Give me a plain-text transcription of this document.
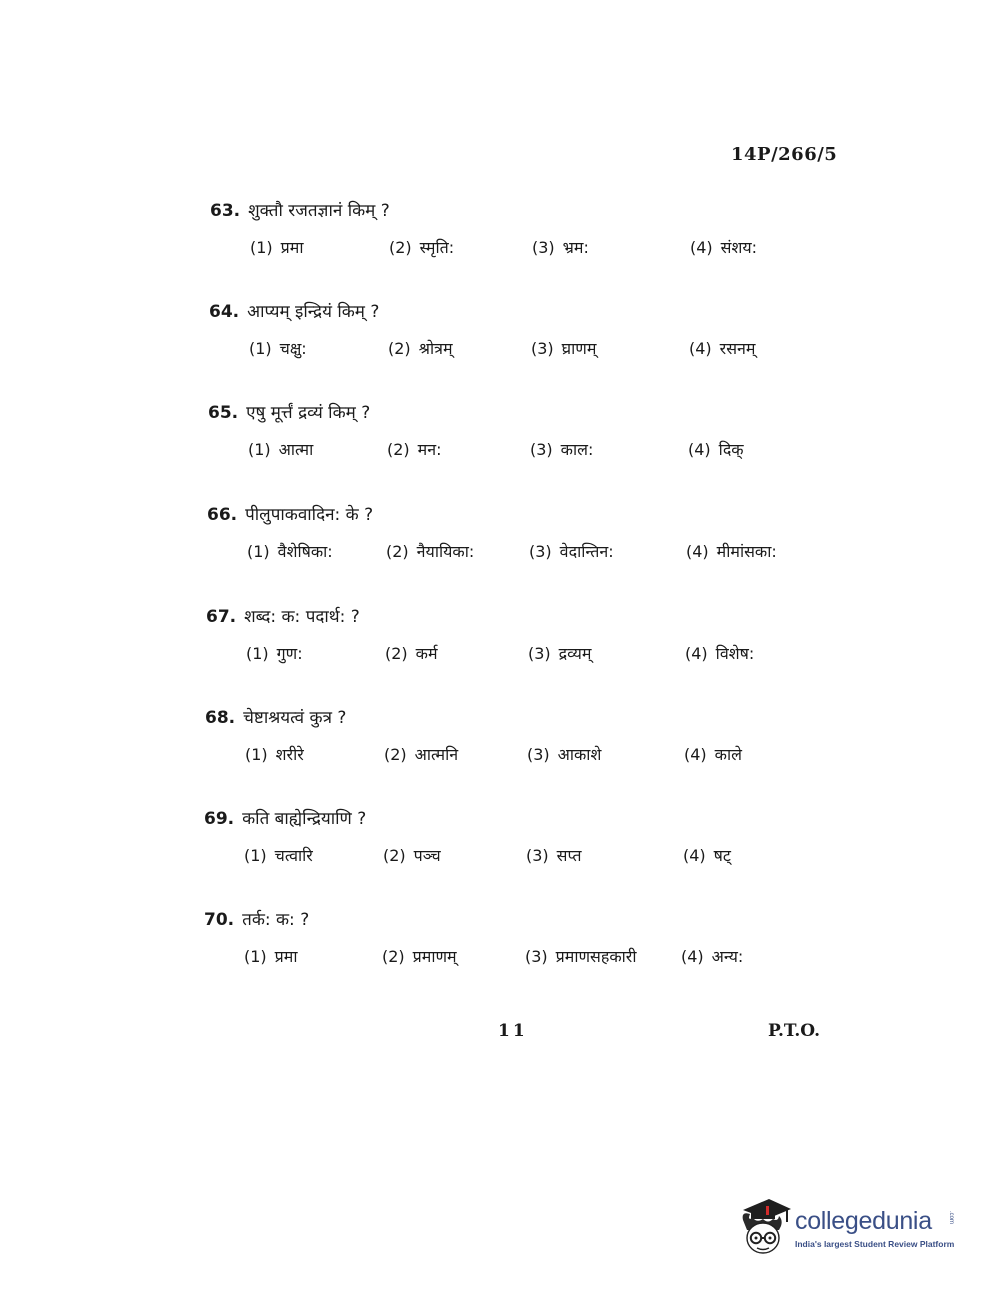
14P/266/5
63. शुक्तौ रजतज्ञानं किम् ?
(1) प्रमा	(2) स्मृति:	(3) भ्रम:	(4) संशय:
64. आप्यम् इन्द्रियं किम् ?
(1) चक्षु:	(2) श्रोत्रम्	(3) घ्राणम्	(4) रसनम्
65. एषु मूर्त्तं द्रव्यं किम् ?
(1) आत्मा	(2) मन:	(3) काल:	(4) दिक्
66. पीलुपाकवादिन: के ?
(1) वैशेषिका:	(2) नैयायिका:	(3) वेदान्तिन:	(4) मीमांसका:
67. शब्द: क: पदार्थ: ?
(1) गुण:	(2) कर्म	(3) द्रव्यम्	(4) विशेष:
68. चेष्टाश्रयत्वं कुत्र ?
(1) शरीरे	(2) आत्मनि	(3) आकाशे	(4) काले
69. कति बाह्येन्द्रियाणि ?
(1) चत्वारि	(2) पञ्च	(3) सप्त	(4) षट्
70. तर्क: क: ?
(1) प्रमा	(2) प्रमाणम्	(3) प्रमाणसहकारी	(4) अन्य:
11	P.T.O.
collegedunia	.com
India's largest Student Review Platform
